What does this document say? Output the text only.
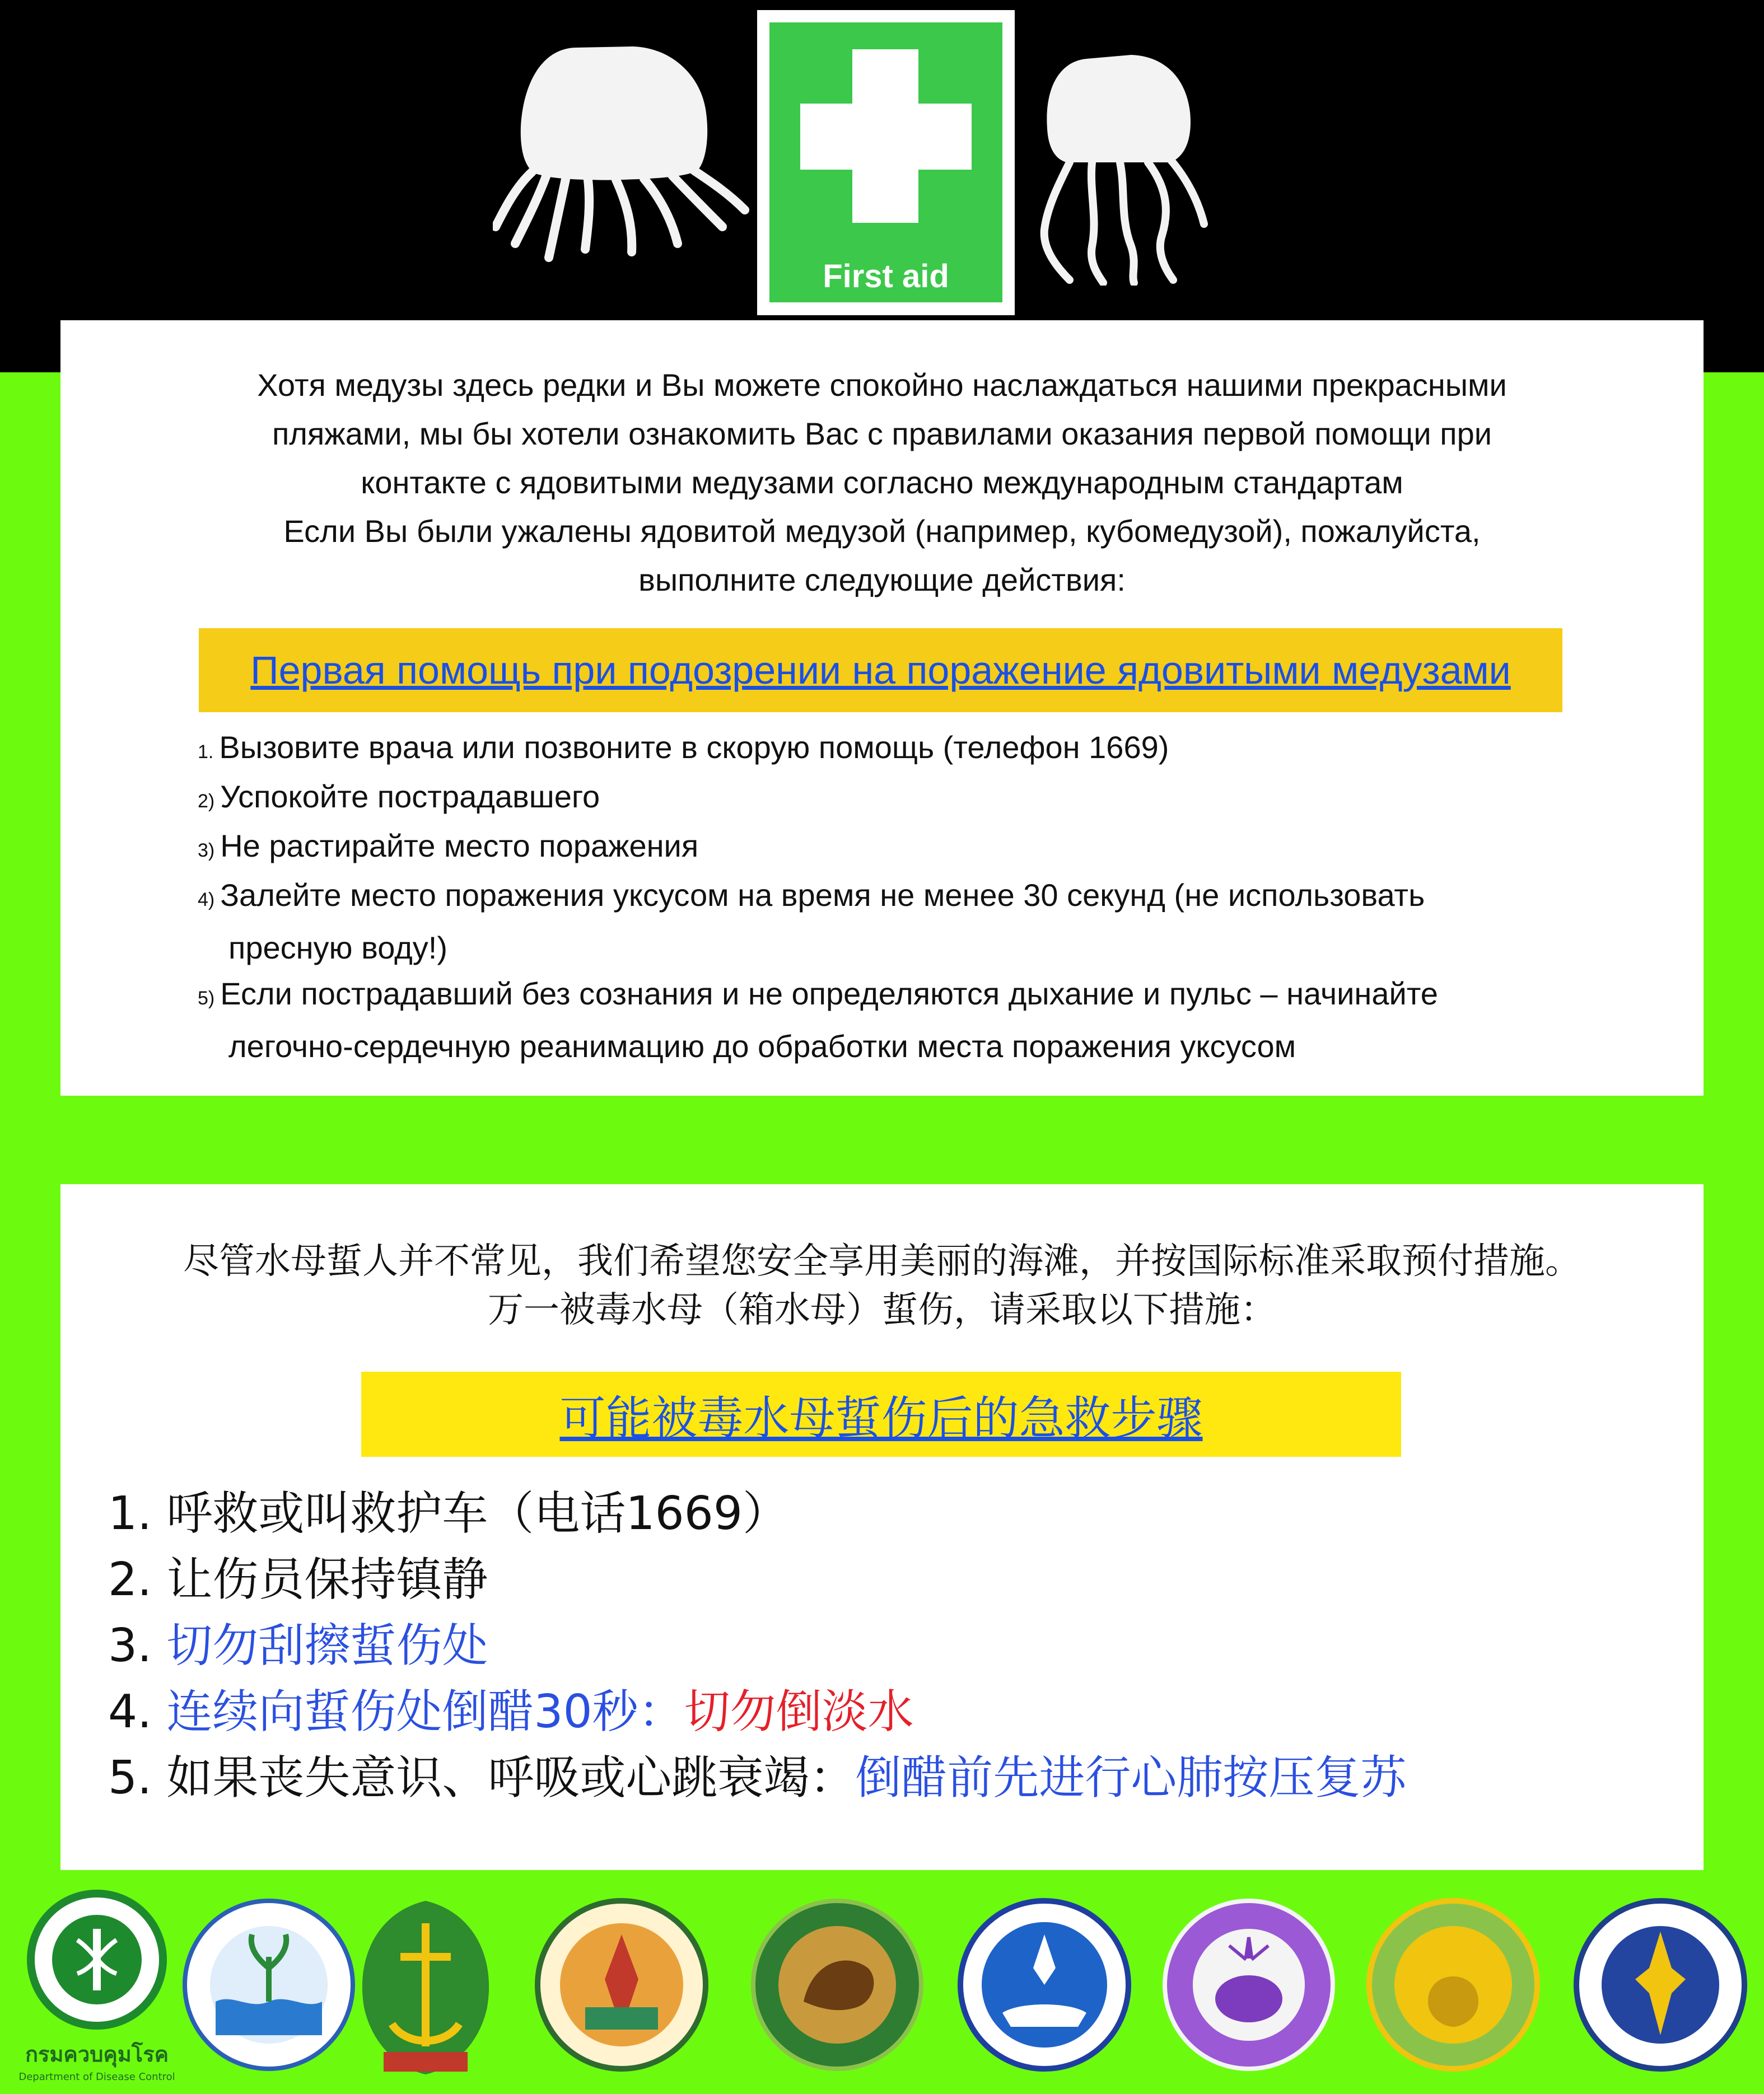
First aid
Хотя медузы здесь редки и Вы можете спокойно наслаждаться нашими прекрасными
пляжами, мы бы хотели ознакомить Вас с правилами оказания первой помощи при
контакте с ядовитыми медузами согласно международным стандартам
Если Вы были ужалены ядовитой медузой (например, кубомедузой), пожалуйста,
выполните следующие действия:
Первая помощь при подозрении на поражение ядовитыми медузами
1. Вызовите врача или позвоните в скорую помощь (телефон 1669)
2) Успокойте пострадавшего
3) Не растирайте место поражения
4) Залейте место поражения уксусом на время не менее 30 секунд (не использовать
пресную воду!)
5) Если пострадавший без сознания и не определяются дыхание и пульс – начинайте
легочно-сердечную реанимацию до обработки места поражения уксусом
尽管水母蜇人并不常见，我们希望您安全享用美丽的海滩，并按国际标准采取预付措施。
万一被毒水母（箱水母）蜇伤，请采取以下措施：
可能被毒水母蜇伤后的急救步骤
1. 呼救或叫救护车（电话1669）
2. 让伤员保持镇静
3. 切勿刮擦蜇伤处
4. 连续向蜇伤处倒醋30秒：切勿倒淡水
5. 如果丧失意识、呼吸或心跳衰竭：倒醋前先进行心肺按压复苏
กรมควบคุมโรค
Department of Disease Control
